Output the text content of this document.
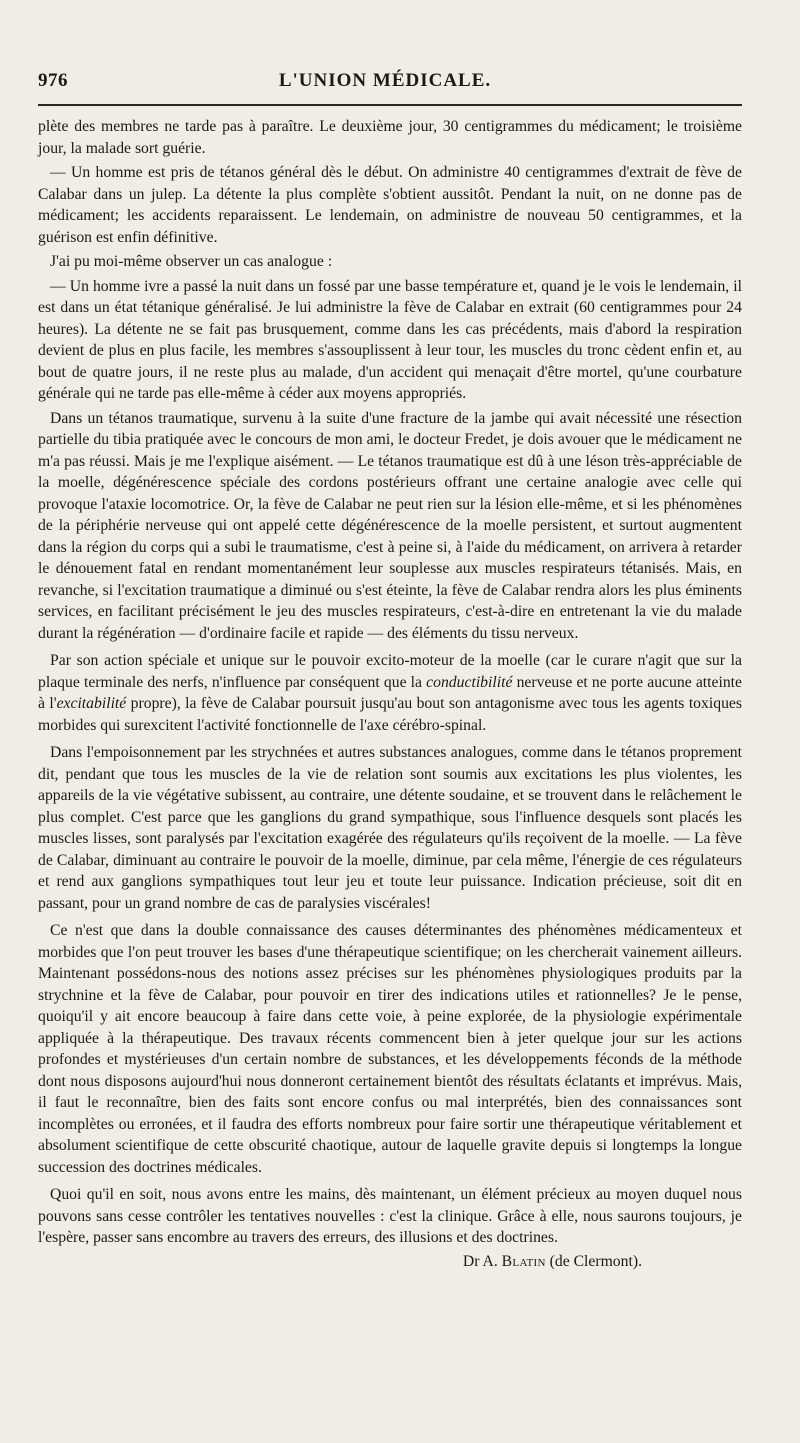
976	L'UNION MÉDICALE.

plète des membres ne tarde pas à paraître. Le deuxième jour, 30 centigrammes du médicament; le troisième jour, la malade sort guérie.

— Un homme est pris de tétanos général dès le début. On administre 40 centigrammes d'extrait de fève de Calabar dans un julep. La détente la plus complète s'obtient aussitôt. Pendant la nuit, on ne donne pas de médicament; les accidents reparaissent. Le lendemain, on administre de nouveau 50 centigrammes, et la guérison est enfin définitive.

J'ai pu moi-même observer un cas analogue :

— Un homme ivre a passé la nuit dans un fossé par une basse température et, quand je le vois le lendemain, il est dans un état tétanique généralisé. Je lui administre la fève de Calabar en extrait (60 centigrammes pour 24 heures). La détente ne se fait pas brusquement, comme dans les cas précédents, mais d'abord la respiration devient de plus en plus facile, les membres s'assouplissent à leur tour, les muscles du tronc cèdent enfin et, au bout de quatre jours, il ne reste plus au malade, d'un accident qui menaçait d'être mortel, qu'une courbature générale qui ne tarde pas elle-même à céder aux moyens appropriés.

Dans un tétanos traumatique, survenu à la suite d'une fracture de la jambe qui avait nécessité une résection partielle du tibia pratiquée avec le concours de mon ami, le docteur Fredet, je dois avouer que le médicament ne m'a pas réussi. Mais je me l'explique aisément. — Le tétanos traumatique est dû à une léson très-appréciable de la moelle, dégénérescence spéciale des cordons postérieurs offrant une certaine analogie avec celle qui provoque l'ataxie locomotrice. Or, la fève de Calabar ne peut rien sur la lésion elle-même, et si les phénomènes de la périphérie nerveuse qui ont appelé cette dégénérescence de la moelle persistent, et surtout augmentent dans la région du corps qui a subi le traumatisme, c'est à peine si, à l'aide du médicament, on arrivera à retarder le dénouement fatal en rendant momentanément leur souplesse aux muscles respirateurs tétanisés. Mais, en revanche, si l'excitation traumatique a diminué ou s'est éteinte, la fève de Calabar rendra alors les plus éminents services, en facilitant précisément le jeu des muscles respirateurs, c'est-à-dire en entretenant la vie du malade durant la régénération — d'ordinaire facile et rapide — des éléments du tissu nerveux.

Par son action spéciale et unique sur le pouvoir excito-moteur de la moelle (car le curare n'agit que sur la plaque terminale des nerfs, n'influence par conséquent que la conductibilité nerveuse et ne porte aucune atteinte à l'excitabilité propre), la fève de Calabar poursuit jusqu'au bout son antagonisme avec tous les agents toxiques morbides qui surexcitent l'activité fonctionnelle de l'axe cérébro-spinal.

Dans l'empoisonnement par les strychnées et autres substances analogues, comme dans le tétanos proprement dit, pendant que tous les muscles de la vie de relation sont soumis aux excitations les plus violentes, les appareils de la vie végétative subissent, au contraire, une détente soudaine, et se trouvent dans le relâchement le plus complet. C'est parce que les ganglions du grand sympathique, sous l'influence desquels sont placés les muscles lisses, sont paralysés par l'excitation exagérée des régulateurs qu'ils reçoivent de la moelle. — La fève de Calabar, diminuant au contraire le pouvoir de la moelle, diminue, par cela même, l'énergie de ces régulateurs et rend aux ganglions sympathiques tout leur jeu et toute leur puissance. Indication précieuse, soit dit en passant, pour un grand nombre de cas de paralysies viscérales!

Ce n'est que dans la double connaissance des causes déterminantes des phénomènes médicamenteux et morbides que l'on peut trouver les bases d'une thérapeutique scientifique; on les chercherait vainement ailleurs. Maintenant possédons-nous des notions assez précises sur les phénomènes physiologiques produits par la strychnine et la fève de Calabar, pour pouvoir en tirer des indications utiles et rationnelles? Je le pense, quoiqu'il y ait encore beaucoup à faire dans cette voie, à peine explorée, de la physiologie expérimentale appliquée à la thérapeutique. Des travaux récents commencent bien à jeter quelque jour sur les actions profondes et mystérieuses d'un certain nombre de substances, et les développements féconds de la méthode dont nous disposons aujourd'hui nous donneront certainement bientôt des résultats éclatants et imprévus. Mais, il faut le reconnaître, bien des faits sont encore confus ou mal interprétés, bien des connaissances sont incomplètes ou erronées, et il faudra des efforts nombreux pour faire sortir une thérapeutique véritablement et absolument scientifique de cette obscurité chaotique, autour de laquelle gravite depuis si longtemps la longue succession des doctrines médicales.

Quoi qu'il en soit, nous avons entre les mains, dès maintenant, un élément précieux au moyen duquel nous pouvons sans cesse contrôler les tentatives nouvelles : c'est la clinique. Grâce à elle, nous saurons toujours, je l'espère, passer sans encombre au travers des erreurs, des illusions et des doctrines.

Dr A. Blatin (de Clermont).
